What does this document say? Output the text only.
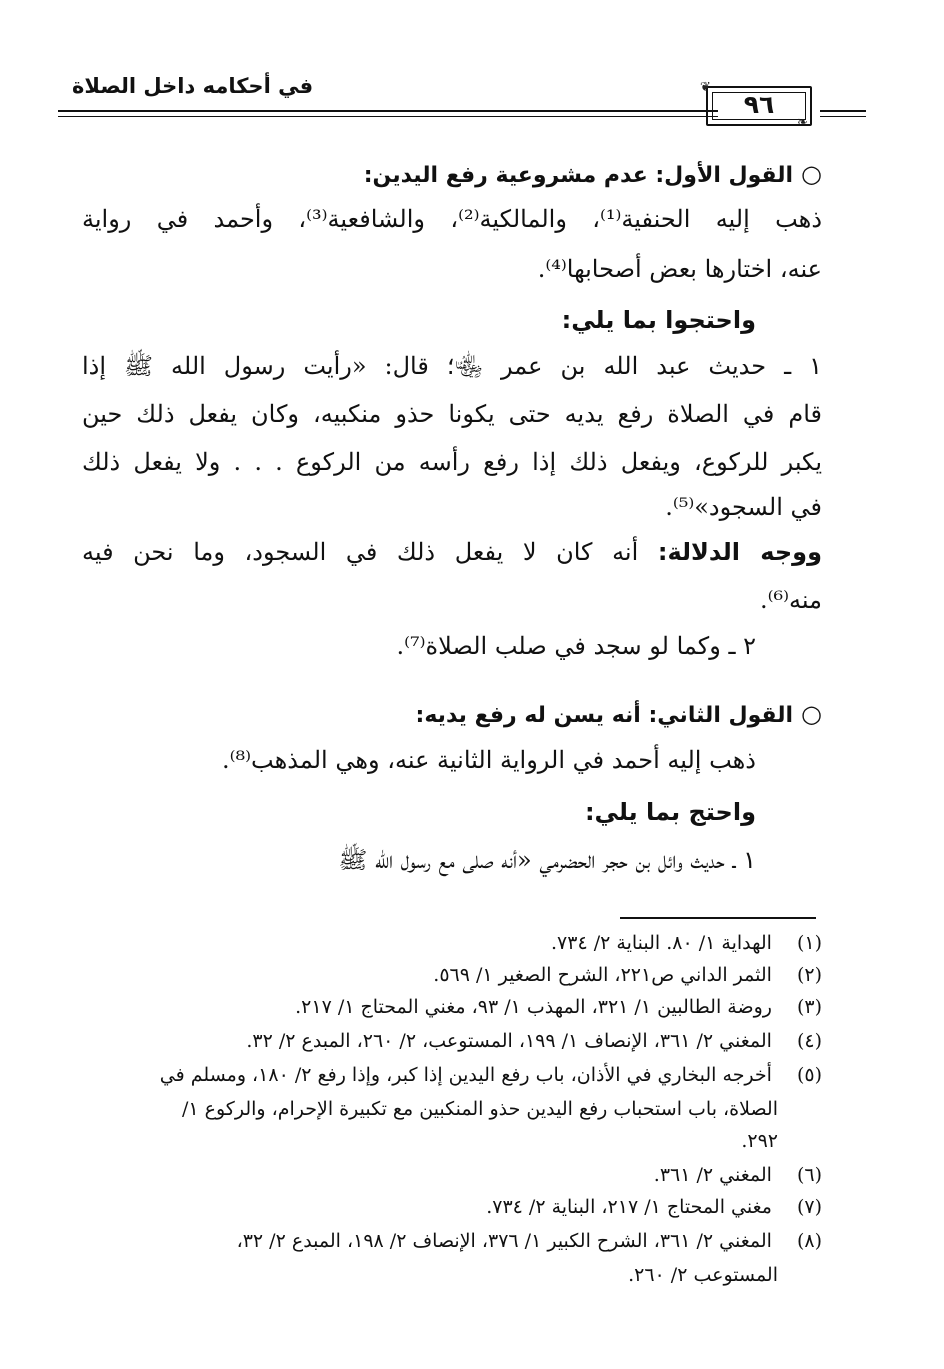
في أحكامه داخل الصلاة
٩٦
❦
❧
○القول الأول: عدم مشروعية رفع اليدين:
ذهب إليه الحنفية⁽¹⁾، والمالكية⁽²⁾، والشافعية⁽³⁾، وأحمد في رواية
عنه، اختارها بعض أصحابها⁽⁴⁾.
واحتجوا بما يلي:
١ ـ حديث عبد الله بن عمر ﵄؛ قال: «رأيت رسول الله ﷺ إذا
قام في الصلاة رفع يديه حتى يكونا حذو منكبيه، وكان يفعل ذلك حين
يكبر للركوع، ويفعل ذلك إذا رفع رأسه من الركوع . . . ولا يفعل ذلك
في السجود»⁽⁵⁾.
ووجه الدلالة: أنه كان لا يفعل ذلك في السجود، وما نحن فيه
منه⁽⁶⁾.
٢ ـ وكما لو سجد في صلب الصلاة⁽⁷⁾.
○القول الثاني: أنه يسن له رفع يديه:
ذهب إليه أحمد في الرواية الثانية عنه، وهي المذهب⁽⁸⁾.
واحتج بما يلي:
١ ـ حديث وائل بن حجر الحضرمي «أنه صلى مع رسول الله ﷺ
(١) الهداية ١/ ٨٠. البناية ٢/ ٧٣٤.
(٢) الثمر الداني ص٢٢١، الشرح الصغير ١/ ٥٦٩.
(٣) روضة الطالبين ١/ ٣٢١، المهذب ١/ ٩٣، مغني المحتاج ١/ ٢١٧.
(٤) المغني ٢/ ٣٦١، الإنصاف ١/ ١٩٩، المستوعب، ٢/ ٢٦٠، المبدع ٢/ ٣٢.
(٥) أخرجه البخاري في الأذان، باب رفع اليدين إذا كبر، وإذا رفع ٢/ ١٨٠، ومسلم في
الصلاة، باب استحباب رفع اليدين حذو المنكبين مع تكبيرة الإحرام، والركوع ١/
٢٩٢.
(٦) المغني ٢/ ٣٦١.
(٧) مغني المحتاج ١/ ٢١٧، البناية ٢/ ٧٣٤.
(٨) المغني ٢/ ٣٦١، الشرح الكبير ١/ ٣٧٦، الإنصاف ٢/ ١٩٨، المبدع ٢/ ٣٢،
المستوعب ٢/ ٢٦٠.
